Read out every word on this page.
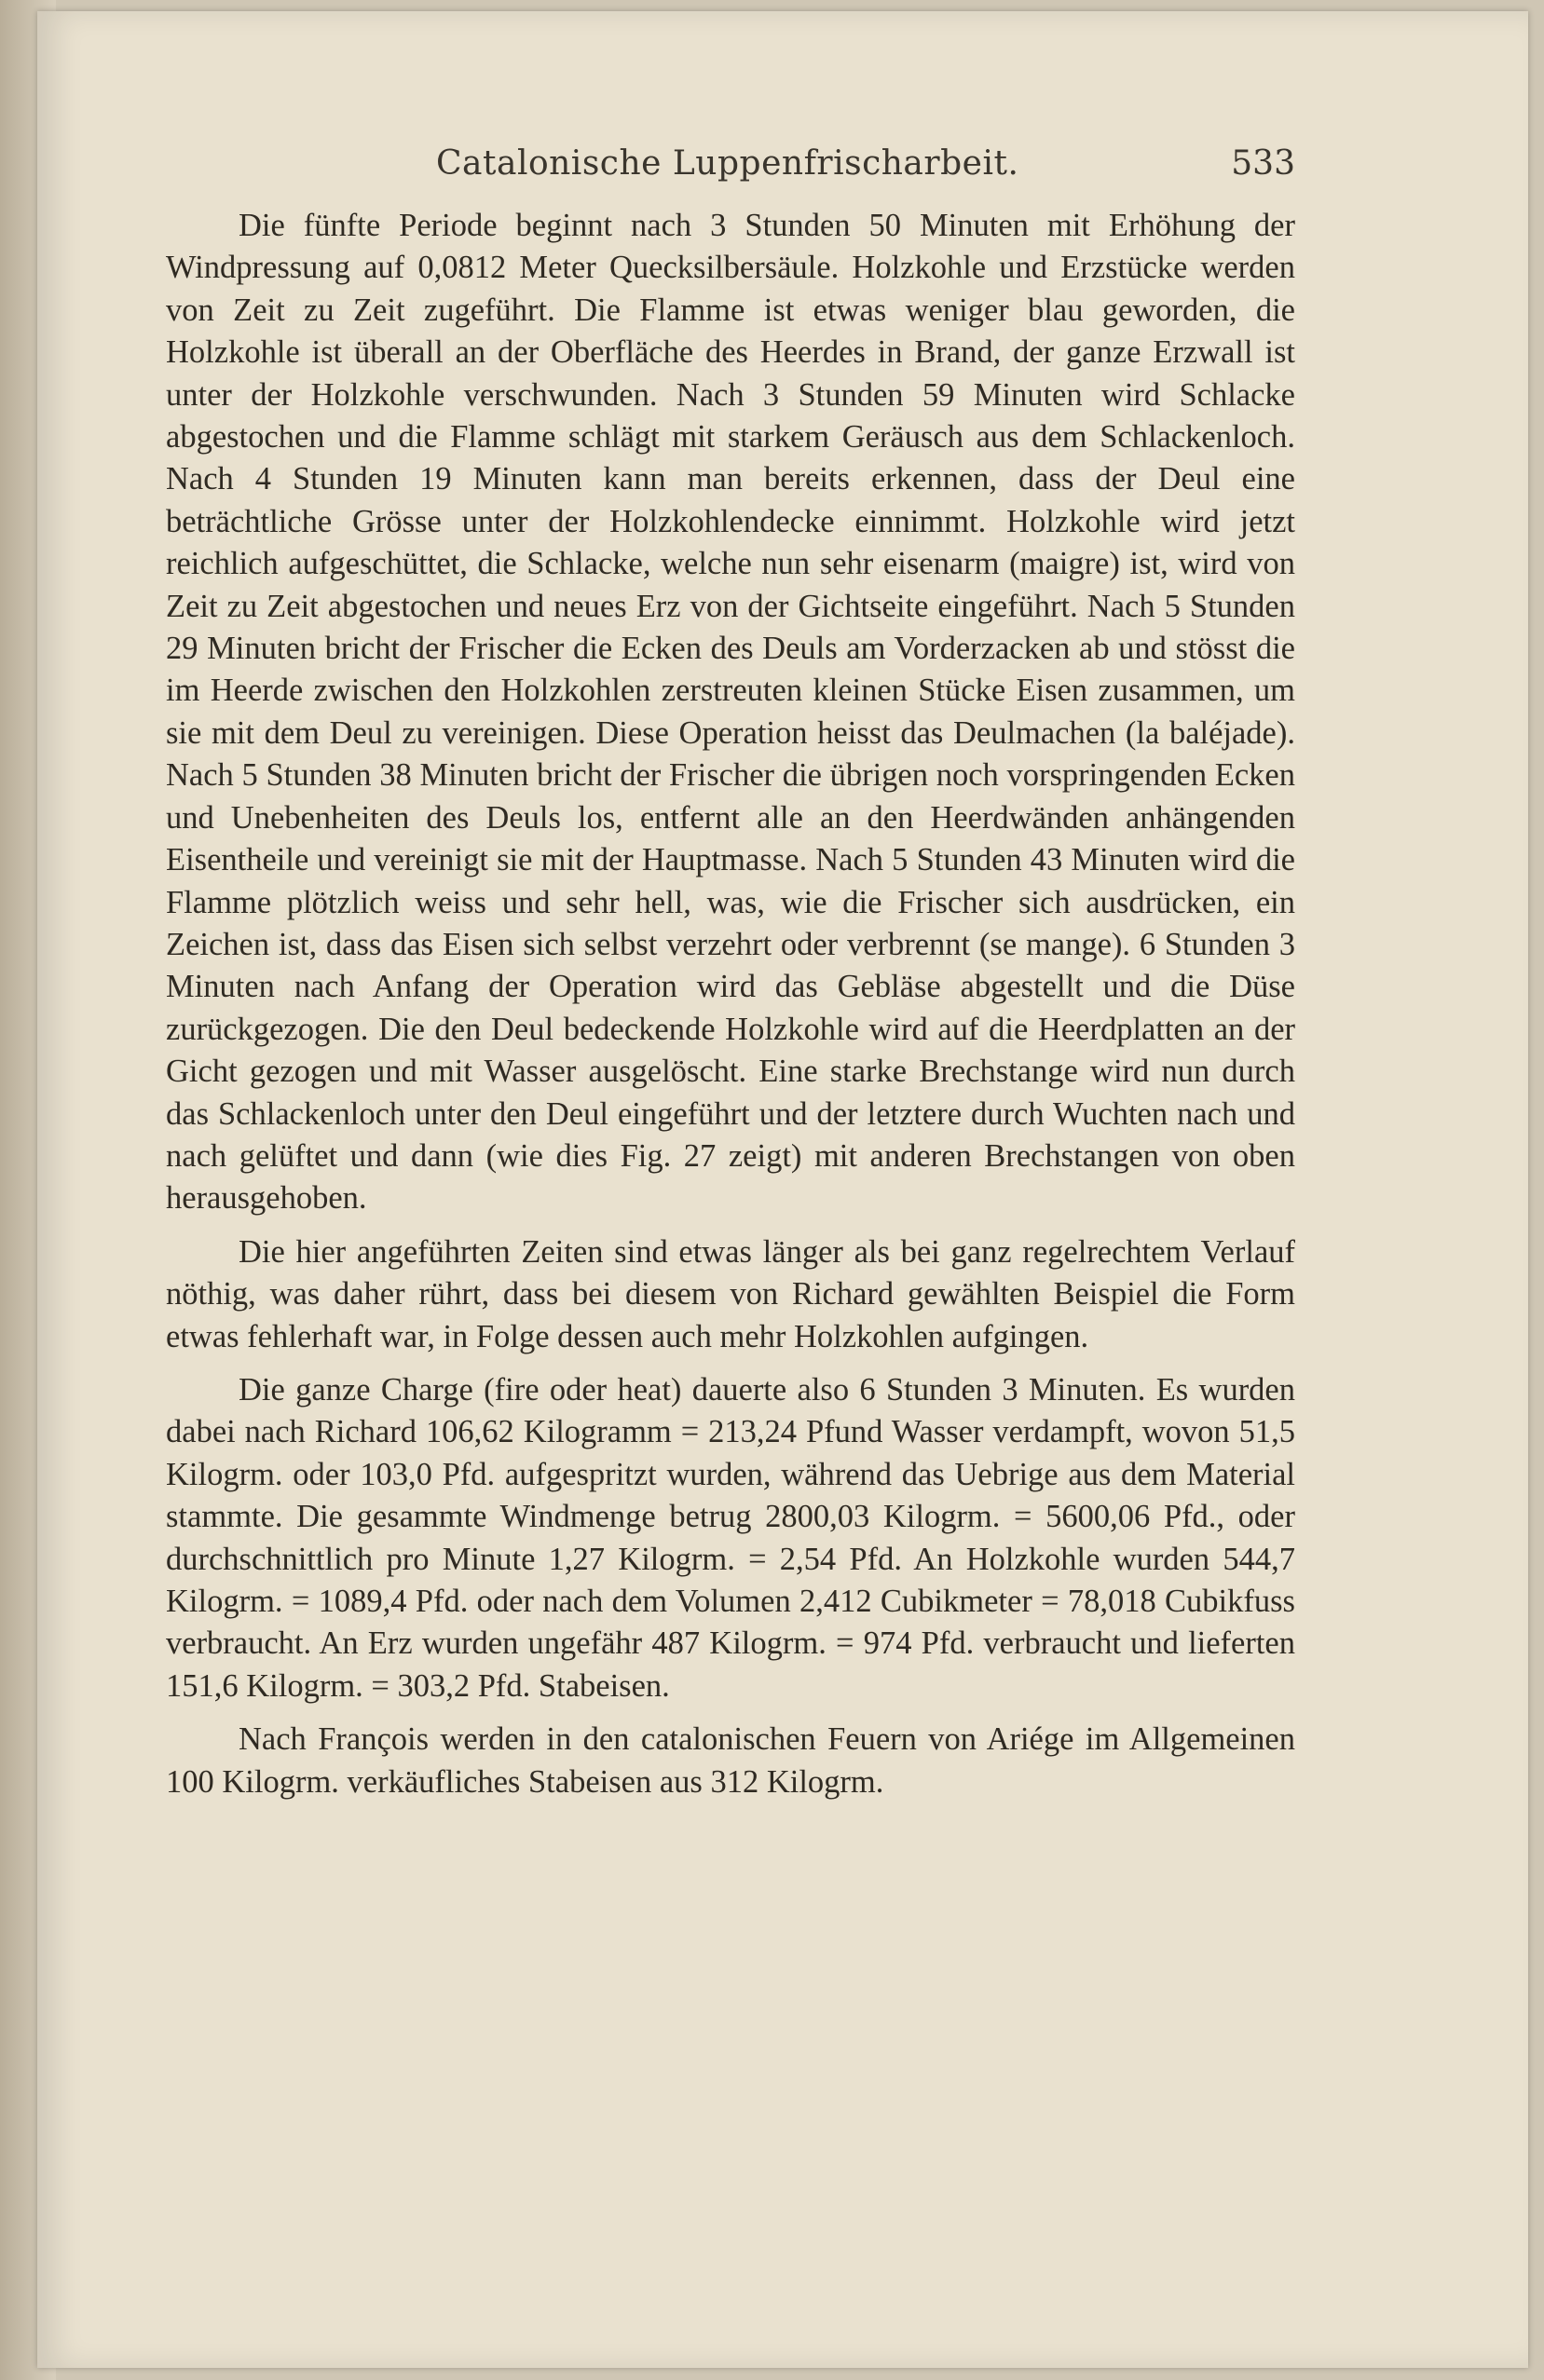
Catalonische Luppenfrischarbeit.	533

Die fünfte Periode beginnt nach 3 Stunden 50 Minuten mit Erhöhung der Windpressung auf 0,0812 Meter Quecksilbersäule. Holzkohle und Erzstücke werden von Zeit zu Zeit zugeführt. Die Flamme ist etwas weniger blau geworden, die Holzkohle ist überall an der Oberfläche des Heerdes in Brand, der ganze Erzwall ist unter der Holzkohle verschwunden. Nach 3 Stunden 59 Minuten wird Schlacke abgestochen und die Flamme schlägt mit starkem Geräusch aus dem Schlackenloch. Nach 4 Stunden 19 Minuten kann man bereits erkennen, dass der Deul eine beträchtliche Grösse unter der Holzkohlendecke einnimmt. Holzkohle wird jetzt reichlich aufgeschüttet, die Schlacke, welche nun sehr eisenarm (maigre) ist, wird von Zeit zu Zeit abgestochen und neues Erz von der Gichtseite eingeführt. Nach 5 Stunden 29 Minuten bricht der Frischer die Ecken des Deuls am Vorderzacken ab und stösst die im Heerde zwischen den Holzkohlen zerstreuten kleinen Stücke Eisen zusammen, um sie mit dem Deul zu vereinigen. Diese Operation heisst das Deulmachen (la baléjade). Nach 5 Stunden 38 Minuten bricht der Frischer die übrigen noch vorspringenden Ecken und Unebenheiten des Deuls los, entfernt alle an den Heerdwänden anhängenden Eisentheile und vereinigt sie mit der Hauptmasse. Nach 5 Stunden 43 Minuten wird die Flamme plötzlich weiss und sehr hell, was, wie die Frischer sich ausdrücken, ein Zeichen ist, dass das Eisen sich selbst verzehrt oder verbrennt (se mange). 6 Stunden 3 Minuten nach Anfang der Operation wird das Gebläse abgestellt und die Düse zurückgezogen. Die den Deul bedeckende Holzkohle wird auf die Heerdplatten an der Gicht gezogen und mit Wasser ausgelöscht. Eine starke Brechstange wird nun durch das Schlackenloch unter den Deul eingeführt und der letztere durch Wuchten nach und nach gelüftet und dann (wie dies Fig. 27 zeigt) mit anderen Brechstangen von oben herausgehoben.

Die hier angeführten Zeiten sind etwas länger als bei ganz regelrechtem Verlauf nöthig, was daher rührt, dass bei diesem von Richard gewählten Beispiel die Form etwas fehlerhaft war, in Folge dessen auch mehr Holzkohlen aufgingen.

Die ganze Charge (fire oder heat) dauerte also 6 Stunden 3 Minuten. Es wurden dabei nach Richard 106,62 Kilogramm = 213,24 Pfund Wasser verdampft, wovon 51,5 Kilogrm. oder 103,0 Pfd. aufgespritzt wurden, während das Uebrige aus dem Material stammte. Die gesammte Windmenge betrug 2800,03 Kilogrm. = 5600,06 Pfd., oder durchschnittlich pro Minute 1,27 Kilogrm. = 2,54 Pfd. An Holzkohle wurden 544,7 Kilogrm. = 1089,4 Pfd. oder nach dem Volumen 2,412 Cubikmeter = 78,018 Cubikfuss verbraucht. An Erz wurden ungefähr 487 Kilogrm. = 974 Pfd. verbraucht und lieferten 151,6 Kilogrm. = 303,2 Pfd. Stabeisen.

Nach François werden in den catalonischen Feuern von Ariége im Allgemeinen 100 Kilogrm. verkäufliches Stabeisen aus 312 Kilogrm.
